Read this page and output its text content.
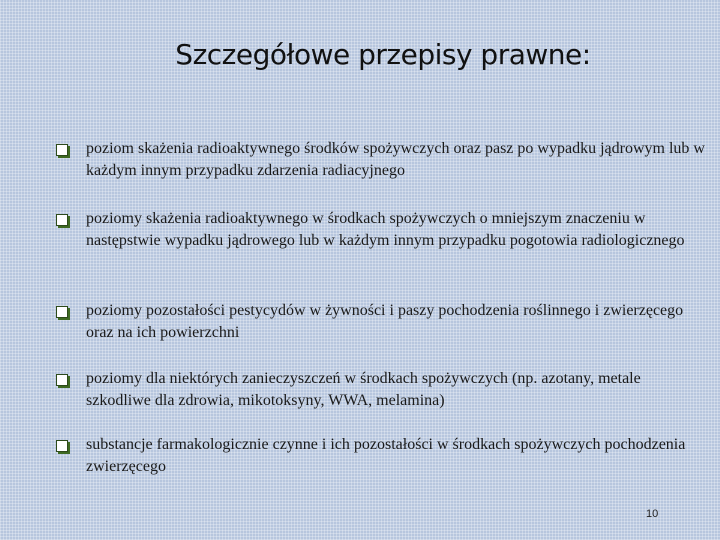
Szczegółowe przepisy prawne:
poziom skażenia radioaktywnego środków spożywczych oraz pasz po wypadku jądrowym lub w każdym innym przypadku zdarzenia radiacyjnego
poziomy skażenia radioaktywnego w środkach spożywczych o mniejszym znaczeniu w następstwie wypadku jądrowego lub w każdym innym przypadku pogotowia radiologicznego
poziomy pozostałości pestycydów w żywności i paszy pochodzenia roślinnego i zwierzęcego oraz na ich powierzchni
poziomy dla niektórych zanieczyszczeń w środkach spożywczych (np. azotany, metale szkodliwe dla zdrowia, mikotoksyny, WWA, melamina)
substancje farmakologicznie czynne i ich pozostałości w środkach spożywczych pochodzenia zwierzęcego
10
